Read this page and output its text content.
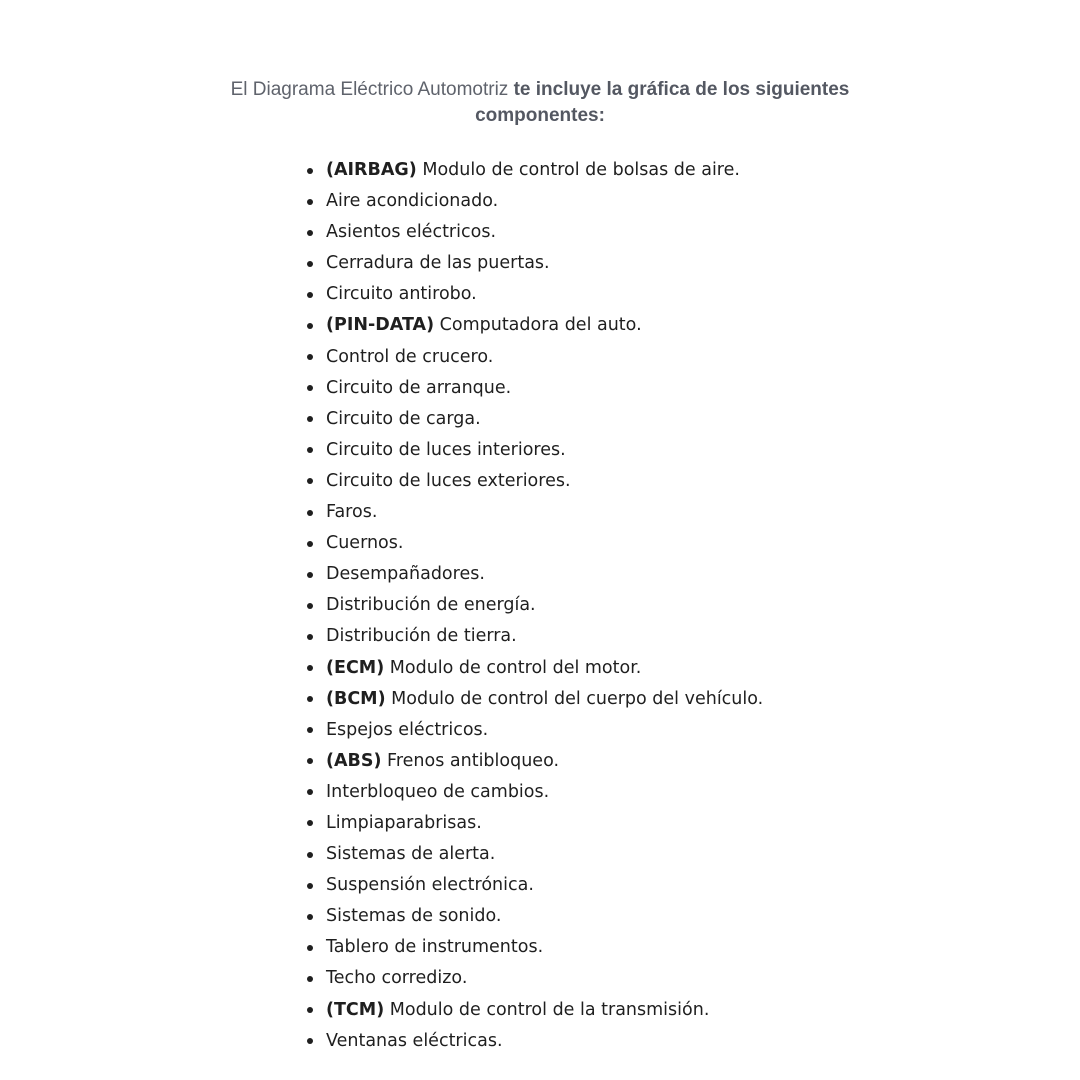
El Diagrama Eléctrico Automotriz te incluye la gráfica de los siguientes componentes:

(AIRBAG) Modulo de control de bolsas de aire.
Aire acondicionado.
Asientos eléctricos.
Cerradura de las puertas.
Circuito antirobo.
(PIN-DATA) Computadora del auto.
Control de crucero.
Circuito de arranque.
Circuito de carga.
Circuito de luces interiores.
Circuito de luces exteriores.
Faros.
Cuernos.
Desempañadores.
Distribución de energía.
Distribución de tierra.
(ECM) Modulo de control del motor.
(BCM) Modulo de control del cuerpo del vehículo.
Espejos eléctricos.
(ABS) Frenos antibloqueo.
Interbloqueo de cambios.
Limpiaparabrisas.
Sistemas de alerta.
Suspensión electrónica.
Sistemas de sonido.
Tablero de instrumentos.
Techo corredizo.
(TCM) Modulo de control de la transmisión.
Ventanas eléctricas.
